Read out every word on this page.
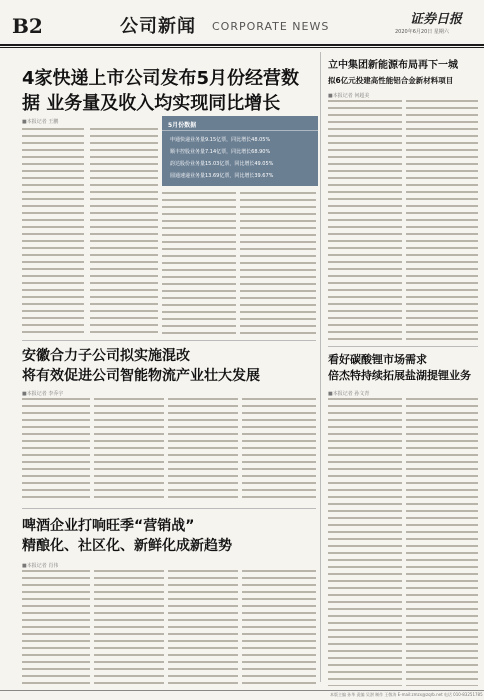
B2	公司新闻 CORPORATE NEWS	证券日报
2020年6月20日 星期六
4家快递上市公司发布5月份经营数据 业务量及收入均实现同比增长
■本报记者 王鹏	5月份数据
申通快递业务量9.15亿票，同比增长48.05%
顺丰控股业务量7.14亿票，同比增长68.90%
韵达股份业务量15.03亿票，同比增长49.05%
圆通速递业务量13.69亿票，同比增长39.67%
安徽合力子公司拟实施混改
将有效促进公司智能物流产业壮大发展
■本报记者 李乔宇
啤酒企业打响旺季“营销战”
精酿化、社区化、新鲜化成新趋势
■本报记者 肖伟
立中集团新能源布局再下一城
拟6亿元投建高性能铝合金新材料项目
■本报记者 何超美
看好碳酸锂市场需求
倍杰特持续拓展盐湖提锂业务
■本报记者 孙文青
本版主编 孙华 责编 吴澍 制作 王敬涛 E-mail:zmzx@zqrb.net 电话 010-83251785
